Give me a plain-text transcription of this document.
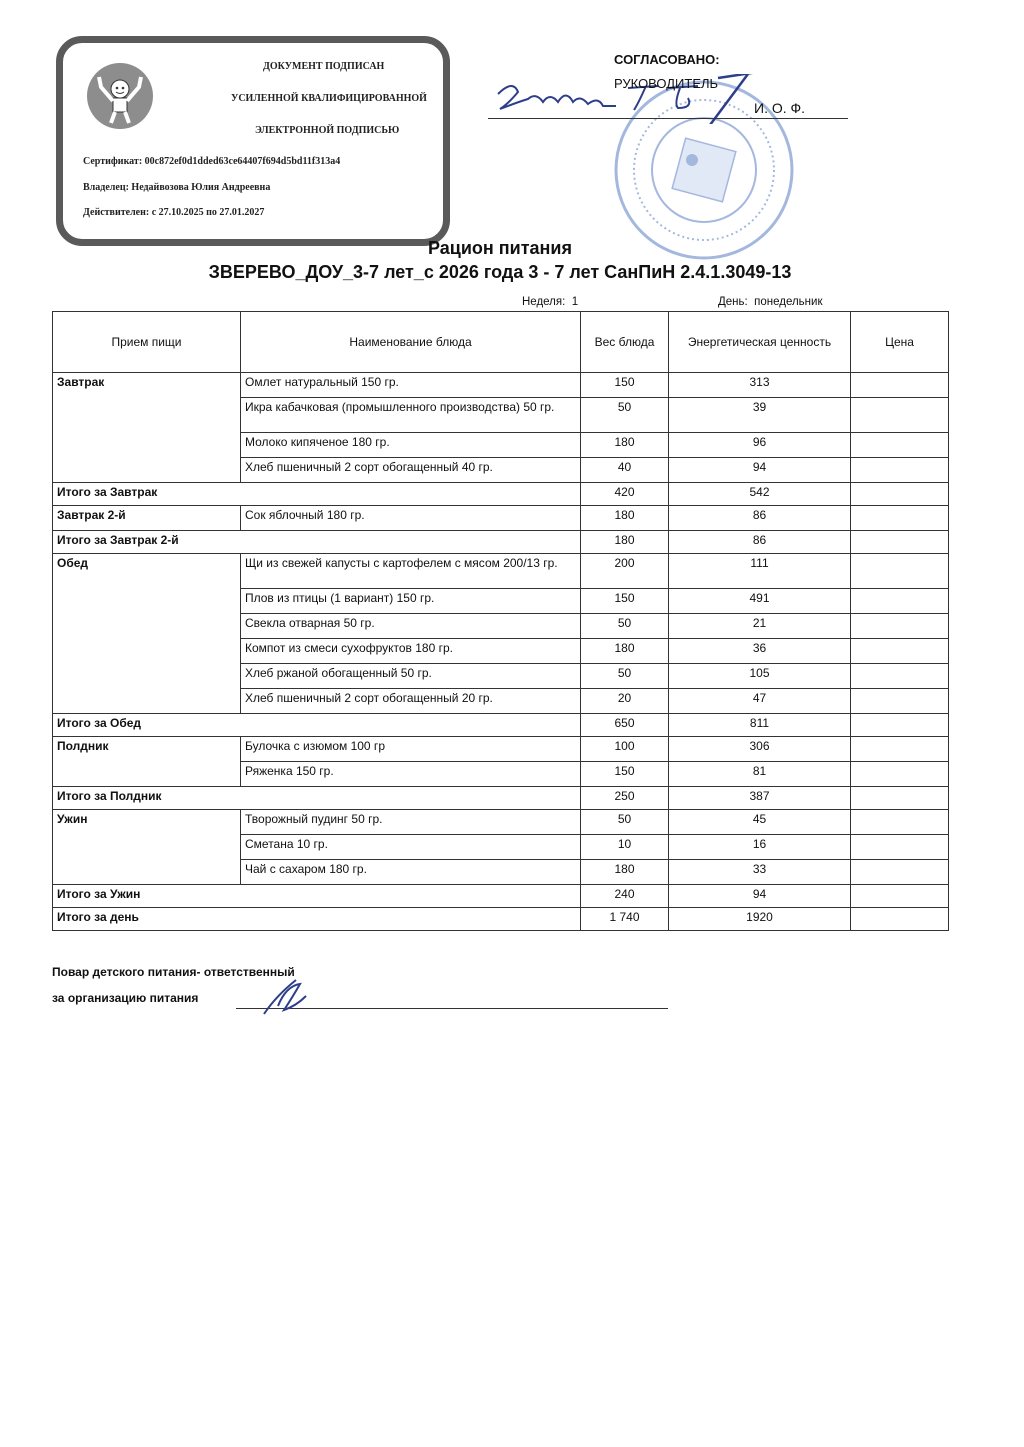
ДОКУМЕНТ ПОДПИСАН
УСИЛЕННОЙ КВАЛИФИЦИРОВАННОЙ
ЭЛЕКТРОННОЙ ПОДПИСЬЮ
Сертификат: 00c872ef0d1dded63ce64407f694d5bd11f313a4
Владелец: Недайвозова Юлия Андреевна
Действителен: с 27.10.2025 по 27.01.2027
СОГЛАСОВАНО:
РУКОВОДИТЕЛЬ
И. О. Ф.
Рацион питания
ЗВЕРЕВО_ДОУ_3-7 лет_с 2026 года 3 - 7 лет СанПиН 2.4.1.3049-13
Неделя: 1	День: понедельник
Прием пищи	Наименование блюда	Вес блюда	Энергетическая ценность	Цена
Завтрак	Омлет натуральный 150 гр.	150	313	
	Икра кабачковая (промышленного производства) 50 гр.	50	39	
	Молоко кипяченое 180 гр.	180	96	
	Хлеб пшеничный 2 сорт обогащенный 40 гр.	40	94	
Итого за Завтрак		420	542	
Завтрак 2-й	Сок яблочный 180 гр.	180	86	
Итого за Завтрак 2-й		180	86	
Обед	Щи из свежей капусты с картофелем с мясом 200/13 гр.	200	111	
	Плов из птицы (1 вариант) 150 гр.	150	491	
	Свекла отварная 50 гр.	50	21	
	Компот из смеси сухофруктов 180 гр.	180	36	
	Хлеб ржаной обогащенный 50 гр.	50	105	
	Хлеб пшеничный 2 сорт обогащенный 20 гр.	20	47	
Итого за Обед		650	811	
Полдник	Булочка с изюмом 100 гр	100	306	
	Ряженка 150 гр.	150	81	
Итого за Полдник		250	387	
Ужин	Творожный пудинг 50 гр.	50	45	
	Сметана 10 гр.	10	16	
	Чай с сахаром 180 гр.	180	33	
Итого за Ужин		240	94	
Итого за день		1 740	1920	
Повар детского питания- ответственный
за организацию питания
